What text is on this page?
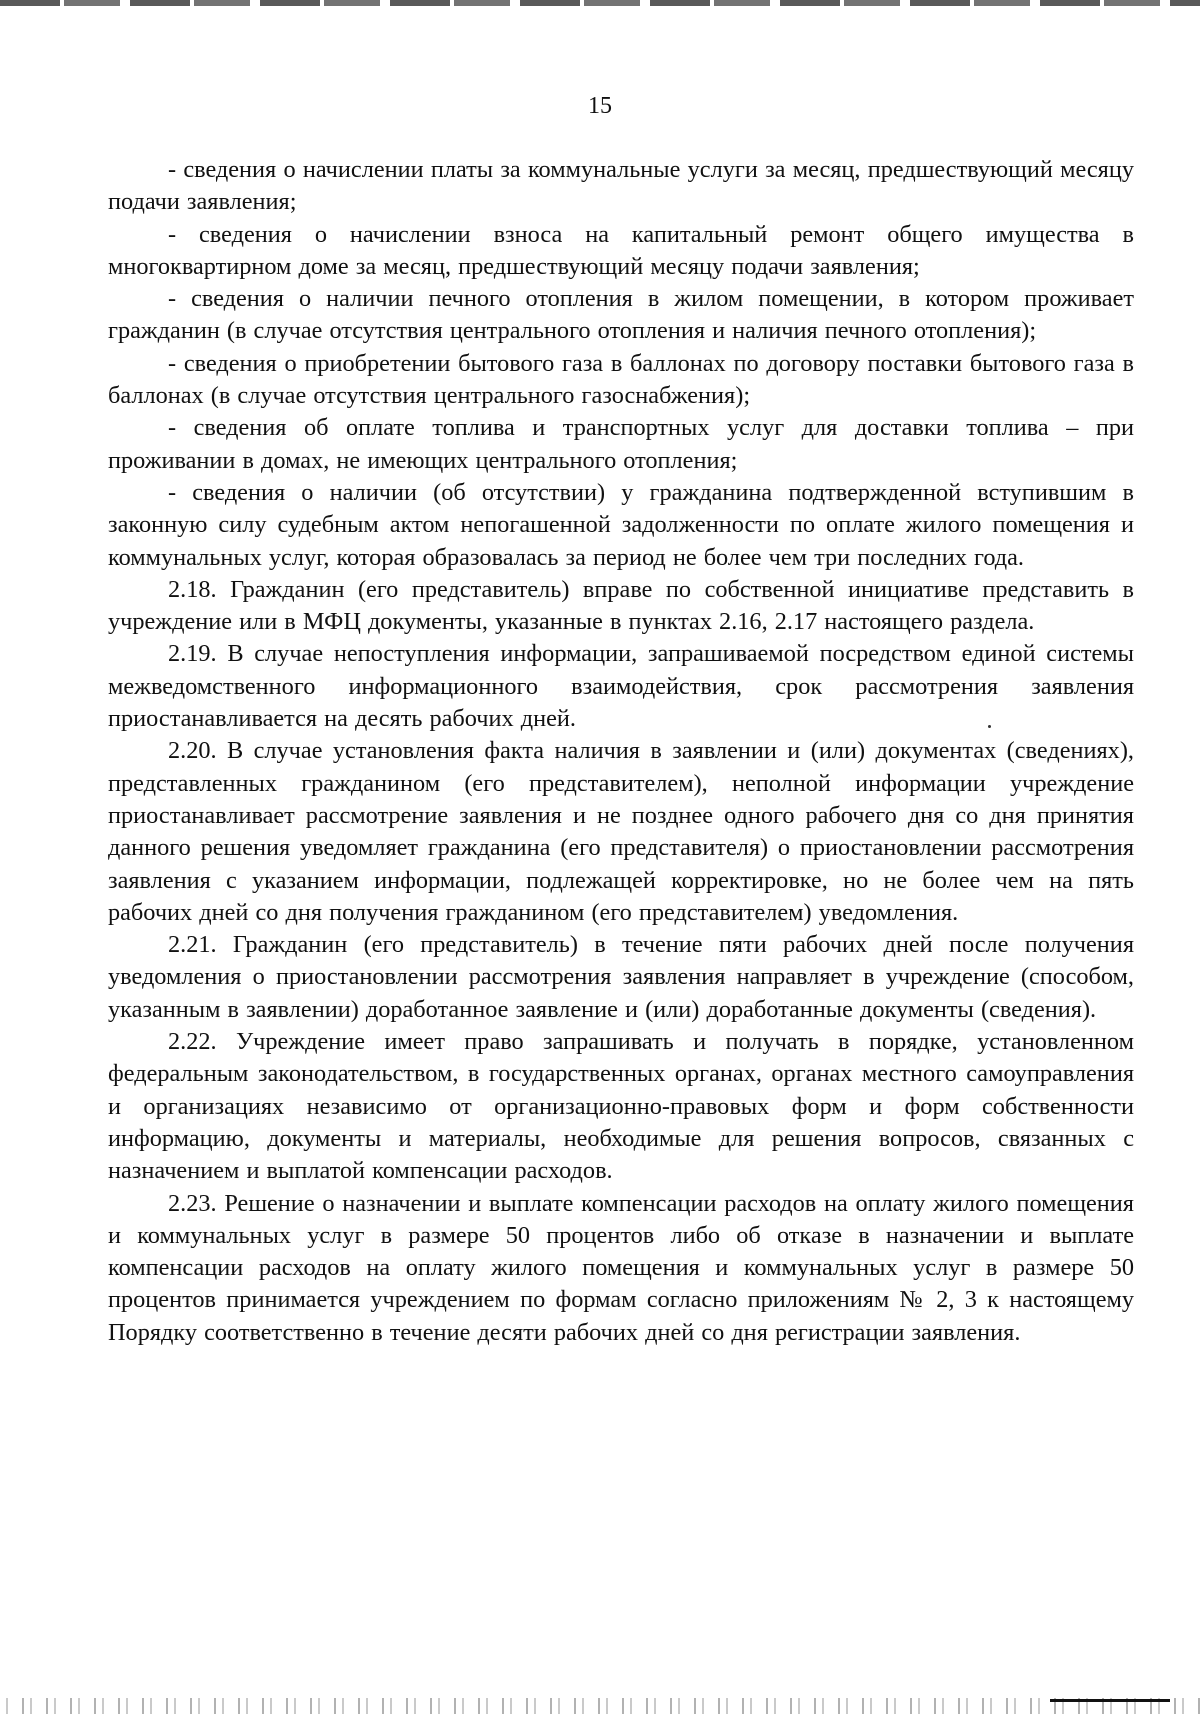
15

- сведения о начислении платы за коммунальные услуги за месяц, предшествующий месяцу подачи заявления;

- сведения о начислении взноса на капитальный ремонт общего имущества в многоквартирном доме за месяц, предшествующий месяцу подачи заявления;

- сведения о наличии печного отопления в жилом помещении, в котором проживает гражданин (в случае отсутствия центрального отопления и наличия печного отопления);

- сведения о приобретении бытового газа в баллонах по договору поставки бытового газа в баллонах (в случае отсутствия центрального газоснабжения);

- сведения об оплате топлива и транспортных услуг для доставки топлива – при проживании в домах, не имеющих центрального отопления;

- сведения о наличии (об отсутствии) у гражданина подтвержденной вступившим в законную силу судебным актом непогашенной задолженности по оплате жилого помещения и коммунальных услуг, которая образовалась за период не более чем три последних года.

2.18. Гражданин (его представитель) вправе по собственной инициативе представить в учреждение или в МФЦ документы, указанные в пунктах 2.16, 2.17 настоящего раздела.

2.19. В случае непоступления информации, запрашиваемой посредством единой системы межведомственного информационного взаимодействия, срок рассмотрения заявления приостанавливается на десять рабочих дней.

2.20. В случае установления факта наличия в заявлении и (или) документах (сведениях), представленных гражданином (его представителем), неполной информации учреждение приостанавливает рассмотрение заявления и не позднее одного рабочего дня со дня принятия данного решения уведомляет гражданина (его представителя) о приостановлении рассмотрения заявления с указанием информации, подлежащей корректировке, но не более чем на пять рабочих дней со дня получения гражданином (его представителем) уведомления.

2.21. Гражданин (его представитель) в течение пяти рабочих дней после получения уведомления о приостановлении рассмотрения заявления направляет в учреждение (способом, указанным в заявлении) доработанное заявление и (или) доработанные документы (сведения).

2.22. Учреждение имеет право запрашивать и получать в порядке, установленном федеральным законодательством, в государственных органах, органах местного самоуправления и организациях независимо от организационно-правовых форм и форм собственности информацию, документы и материалы, необходимые для решения вопросов, связанных с назначением и выплатой компенсации расходов.

2.23. Решение о назначении и выплате компенсации расходов на оплату жилого помещения и коммунальных услуг в размере 50 процентов либо об отказе в назначении и выплате компенсации расходов на оплату жилого помещения и коммунальных услуг в размере 50 процентов принимается учреждением по формам согласно приложениям № 2, 3 к настоящему Порядку соответственно в течение десяти рабочих дней со дня регистрации заявления.
